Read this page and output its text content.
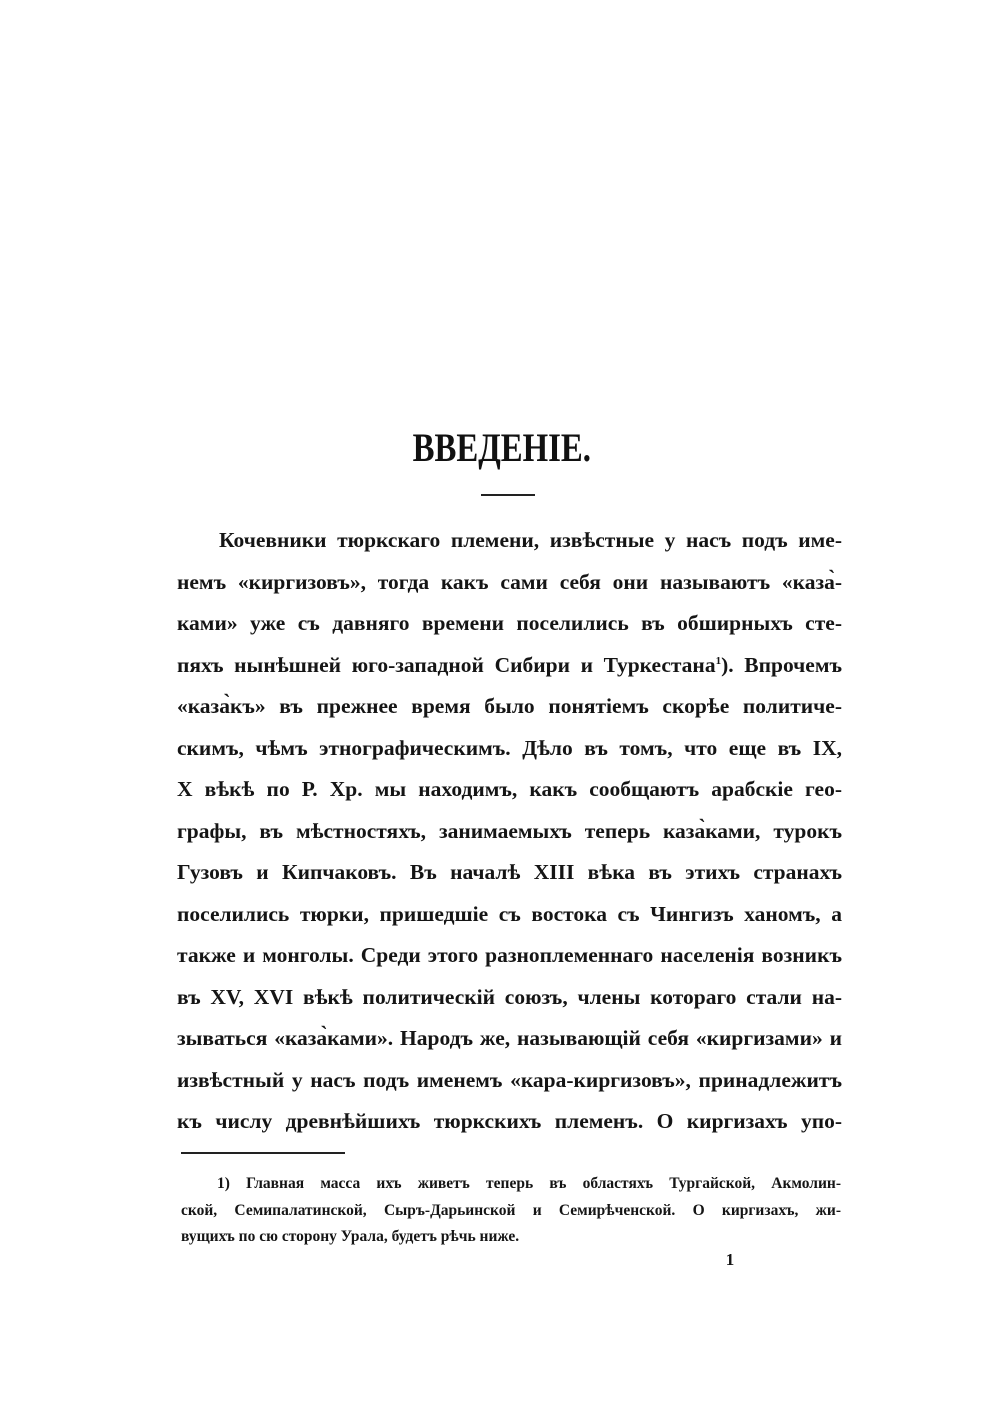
ВВЕДЕНІЕ.
Кочевники тюркскаго племени, извѣстные у насъ подъ име-
немъ «киргизовъ», тогда какъ сами себя они называютъ «каза̀-
ками» уже съ давняго времени поселились въ обширныхъ сте-
пяхъ нынѣшней юго-западной Сибири и Туркестана$^1$). Впрочемъ
«каза̀къ» въ прежнее время было понятіемъ скорѣе политиче-
скимъ, чѣмъ этнографическимъ. Дѣло въ томъ, что еще въ IX,
X вѣкѣ по Р. Хр. мы находимъ, какъ сообщаютъ арабскіе гео-
графы, въ мѣстностяхъ, занимаемыхъ теперь каза̀ками, турокъ
Гузовъ и Кипчаковъ. Въ началѣ XIII вѣка въ этихъ странахъ
поселились тюрки, пришедшіе съ востока съ Чингизъ ханомъ, а
также и монголы. Среди этого разноплеменнаго населенія возникъ
въ XV, XVI вѣкѣ политическій союзъ, члены котораго стали на-
зываться «каза̀ками». Народъ же, называющій себя «киргизами» и
извѣстный у насъ подъ именемъ «кара-киргизовъ», принадлежитъ
къ числу древнѣйшихъ тюркскихъ племенъ. О киргизахъ упо-
1) Главная масса ихъ живетъ теперь въ областяхъ Тургайской, Акмолин-
ской, Семипалатинской, Сыръ-Дарьинской и Семирѣченской. О киргизахъ, жи-
вущихъ по сю сторону Урала, будетъ рѣчь ниже.
1
